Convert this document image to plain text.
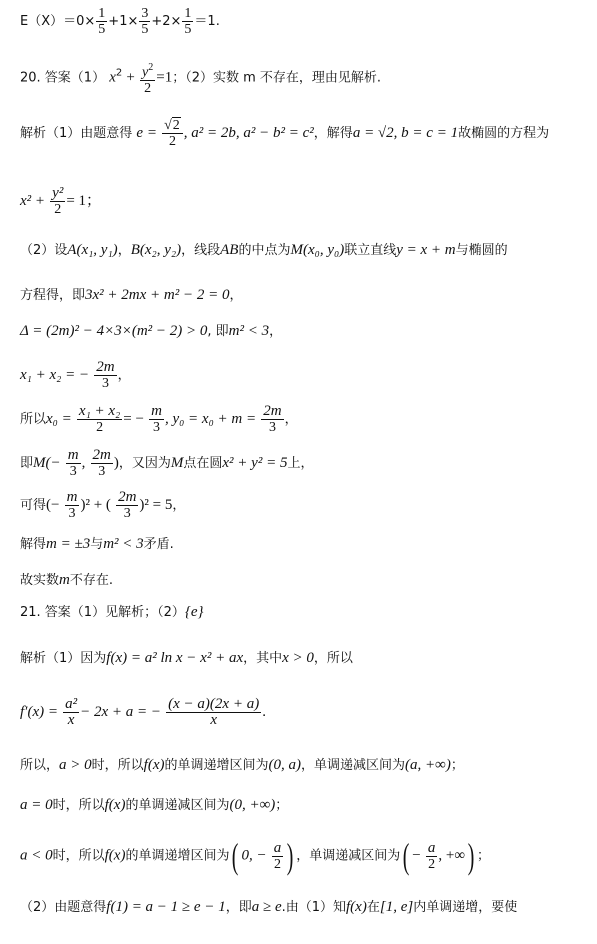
$E(X)=0\times \frac{1}{5} +1\times \frac{3}{5} +2\times \frac{1}{5} =1$.
20. 答案（1） $x^2 + \frac{y^2}{2} =1$；（2）实数 m 不存在，理由见解析.
解析（1）由题意得 $e = \frac{√2}{2}$ , a² = 2b, a² − b² = c²，解得a = √2, b = c = 1故椭圆的方程为
$x^2 + \frac{\text{y²}}{2} = 1$；
（2）设A(x₁, y₁)，B(x₂, y₂)，线段AB的中点为M(x₀, y₀)联立直线y = x + m与椭圆的
方程得，即3x² + 2mx + m² − 2 = 0，
Δ = (2m)² − 4×3×(m² − 2) > 0, 即m² < 3，
x₁ + x₂ = − $\frac{2m}{3}$ ，
所以$x_0 = \frac{\text{x₁ + x₂}}{2}$ = − $\frac{m}{3}$ , $y_0 = x_0 + m = \frac{2m}{3}$ ，
即$M(- \frac{m}{3}$ , $\frac{2m}{3}$ )，又因为M点在圆x² + y² = 5上，
可得(− $\frac{m}{3} )^2$ + ( $\frac{2m}{3} )^2 = 5$，
解得m = ±3与m² < 3矛盾.
故实数m不存在.
21. 答案（1）见解析；（2）{e}
解析（1）因为f(x) = a² ln x − x² + ax，其中x > 0，所以
$f'(x) = \frac{\text{a²}}{x} - 2x + a$ = − $\frac{(x - a)(2x + a)}{x}$ .
所以，a > 0时，所以f(x)的单调递增区间为(0, a)，单调递减区间为(a, +∞)；
a = 0时，所以f(x)的单调递减区间为(0, +∞)；
a < 0时，所以f(x)的单调递增区间为( 0, − $\frac{a}{2}$ ) ，单调递减区间为( − $\frac{a}{2}$ , +∞) ；
（2）由题意得f(1) = a − 1 ≥ e − 1，即a ≥ e.由（1）知f(x)在[1, e]内单调递增，要使
